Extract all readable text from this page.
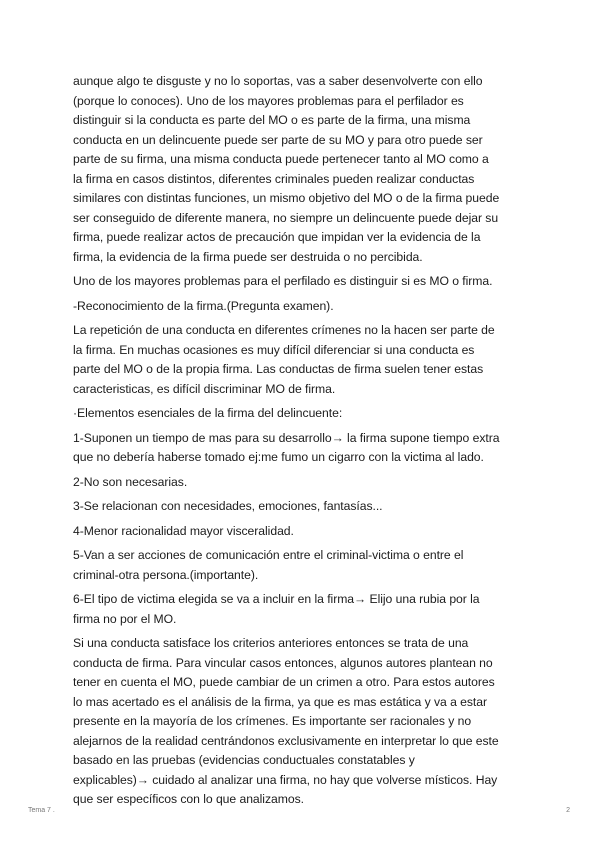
aunque algo te disguste y no lo soportas, vas a saber desenvolverte con ello
(porque lo conoces). Uno de los mayores problemas para el perfilador es
distinguir si la conducta es parte del MO o es parte de la firma, una misma
conducta en un delincuente puede ser parte de su MO y para otro puede ser
parte de su firma, una misma conducta puede pertenecer tanto al MO como a
la firma en casos distintos, diferentes criminales pueden realizar conductas
similares con distintas funciones, un mismo objetivo del MO o de la firma puede
ser conseguido de diferente manera, no siempre un delincuente puede dejar su
firma, puede realizar actos de precaución que impidan ver la evidencia de la
firma, la evidencia de la firma puede ser destruida o no percibida.

Uno de los mayores problemas para el perfilado es distinguir si es MO o firma.

-Reconocimiento de la firma.(Pregunta examen).

La repetición de una conducta en diferentes crímenes no la hacen ser parte de
la firma. En muchas ocasiones es muy difícil diferenciar si una conducta es
parte del MO o de la propia firma. Las conductas de firma suelen tener estas
caracteristicas, es difícil discriminar MO de firma.

·Elementos esenciales de la firma del delincuente:

1-Suponen un tiempo de mas para su desarrollo→ la firma supone tiempo extra
que no debería haberse tomado ej:me fumo un cigarro con la victima al lado.

2-No son necesarias.

3-Se relacionan con necesidades, emociones, fantasías...

4-Menor racionalidad mayor visceralidad.

5-Van a ser acciones de comunicación entre el criminal-victima o entre el
criminal-otra persona.(importante).

6-El tipo de victima elegida se va a incluir en la firma→ Elijo una rubia por la
firma no por el MO.

Si una conducta satisface los criterios anteriores entonces se trata de una
conducta de firma. Para vincular casos entonces, algunos autores plantean no
tener en cuenta el MO, puede cambiar de un crimen a otro. Para estos autores
lo mas acertado es el análisis de la firma, ya que es mas estática y va a estar
presente en la mayoría de los crímenes. Es importante ser racionales y no
alejarnos de la realidad centrándonos exclusivamente en interpretar lo que este
basado en las pruebas (evidencias conductuales constatables y
explicables)→ cuidado al analizar una firma, no hay que volverse místicos. Hay
que ser específicos con lo que analizamos.

Tema 7 .	2
